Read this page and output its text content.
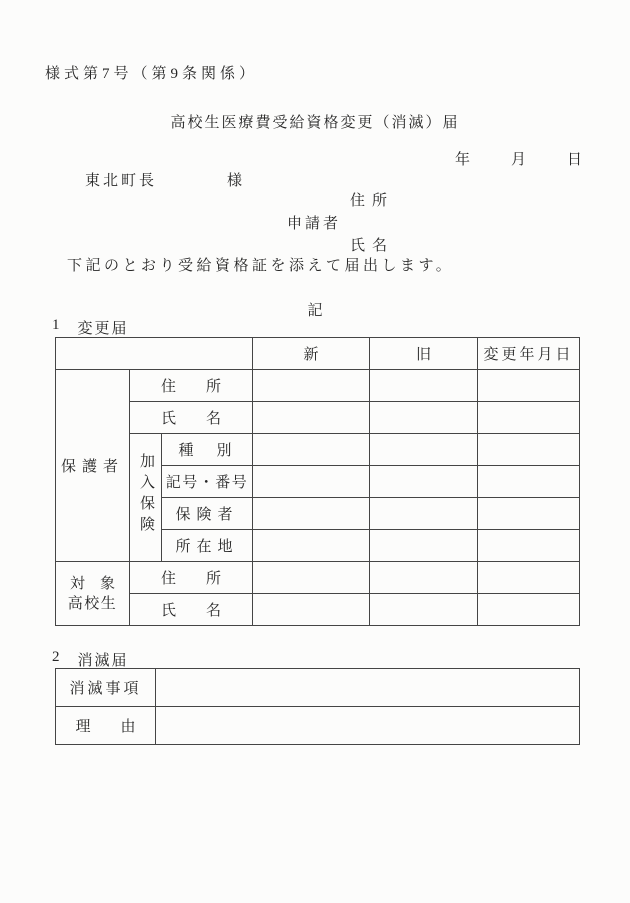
様式第7号（第9条関係）
高校生医療費受給資格変更（消滅）届
年	月	日
東北町長	様
住所
申請者
氏名
下記のとおり受給資格証を添えて届出します。
記
1 変更届
			新	旧	変更年月日
保護者	住　　所				
	氏　　名				
	加入保険	種　別			
		記号・番号			
		保険者			
		所在地			

対　象
高校生	住　　所				
	氏　　名				
2 消滅届
消滅事項	
理　　由	
